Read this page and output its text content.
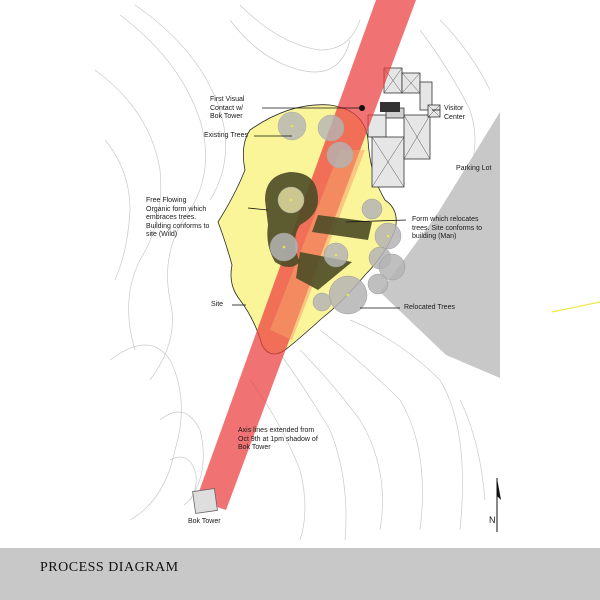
First Visual
Contact w/
Bok Tower
Visitor
Center
Existing Trees
Parking Lot
Free Flowing
Organic form which
embraces trees.
Building conforms to
site (Wild)
Form which relocates
trees. Site conforms to
building (Man)
Site	Relocated Trees
Axis lines extended from
Oct 9th at 1pm shadow of
Bok Tower
Bok Tower	N
PROCESS DIAGRAM
